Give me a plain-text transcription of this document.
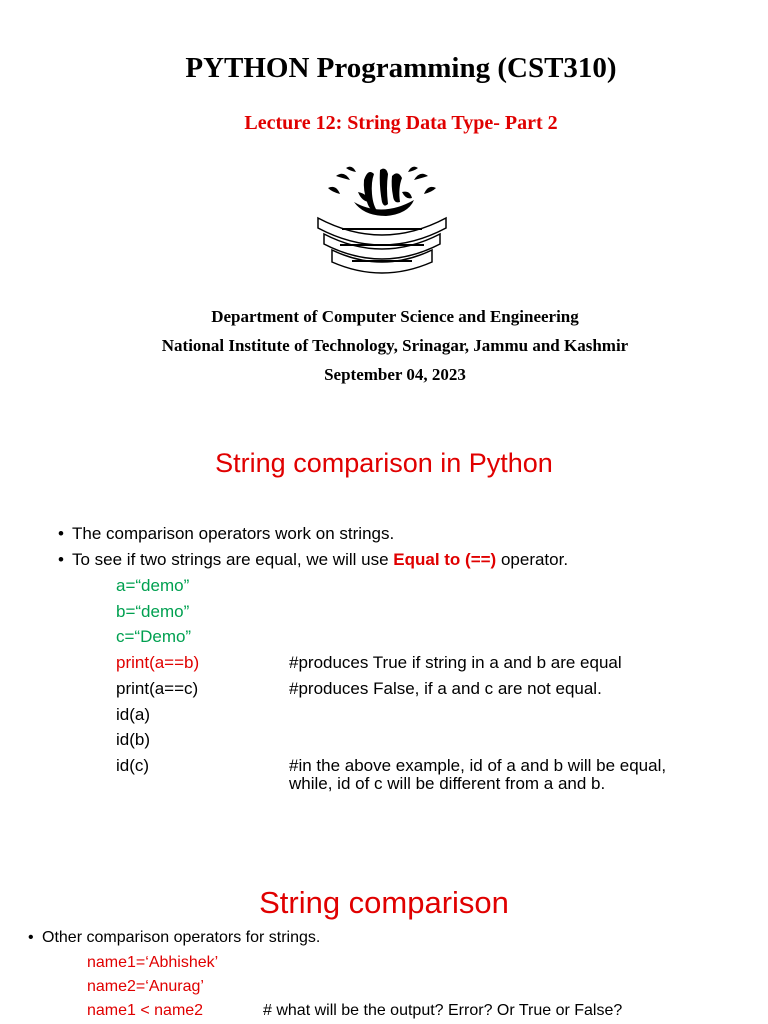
PYTHON Programming (CST310)
Lecture 12: String Data Type- Part 2
Department of Computer Science and Engineering
National Institute of Technology, Srinagar, Jammu and Kashmir
September 04, 2023
String comparison in Python
• The comparison operators work on strings.
• To see if two strings are equal, we will use Equal to (==) operator.
a=“demo”
b=“demo”
c=“Demo”
print(a==b)
print(a==c)
id(a)
id(b)
id(c)
#produces True if string in a and b are equal
#produces False, if a and c are not equal.
#in the above example, id of a and b will be equal,
while, id of c will be different from a and b.
String comparison
• Other comparison operators for strings.
name1=‘Abhishek’
name2=‘Anurag’
name1 < name2	# what will be the output? Error? Or True or False?
